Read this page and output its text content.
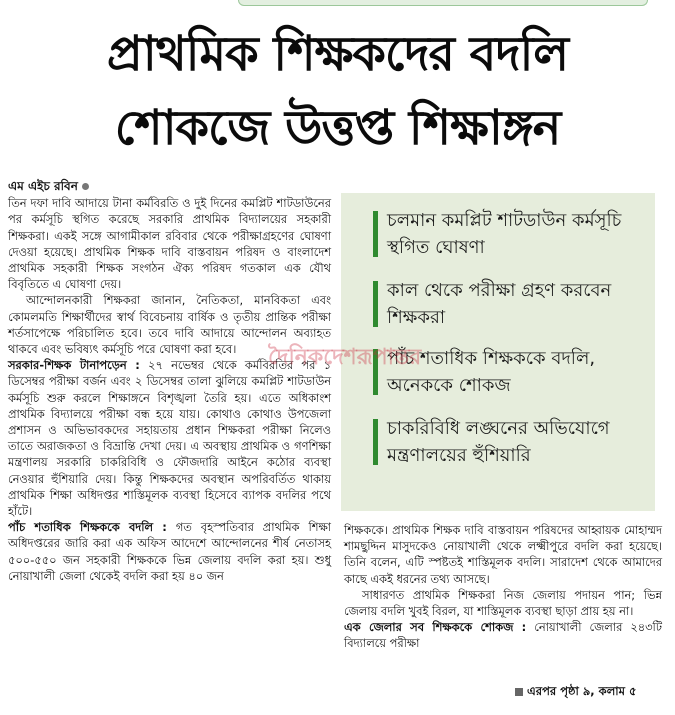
প্রাথমিক শিক্ষকদের বদলি
শোকজে উত্তপ্ত শিক্ষাঙ্গন
এম এইচ রবিন

তিন দফা দাবি আদায়ে টানা কর্মবিরতি ও দুই দিনের কমপ্লিট শাটডাউনের পর কর্মসূচি স্থগিত করেছে সরকারি প্রাথমিক বিদ্যালয়ের সহকারী শিক্ষকরা। একই সঙ্গে আগামীকাল রবিবার থেকে পরীক্ষাগ্রহণের ঘোষণা দেওয়া হয়েছে। প্রাথমিক শিক্ষক দাবি বাস্তবায়ন পরিষদ ও বাংলাদেশ প্রাথমিক সহকারী শিক্ষক সংগঠন ঐক্য পরিষদ গতকাল এক যৌথ বিবৃতিতে এ ঘোষণা দেয়।

আন্দোলনকারী শিক্ষকরা জানান, নৈতিকতা, মানবিকতা এবং কোমলমতি শিক্ষার্থীদের স্বার্থ বিবেচনায় বার্ষিক ও তৃতীয় প্রান্তিক পরীক্ষা শর্তসাপেক্ষে পরিচালিত হবে। তবে দাবি আদায়ে আন্দোলন অব্যাহত থাকবে এবং ভবিষ্যৎ কর্মসূচি পরে ঘোষণা করা হবে।

সরকার-শিক্ষক টানাপড়েন : ২৭ নভেম্বর থেকে কর্মবিরতির পর ১ ডিসেম্বর পরীক্ষা বর্জন এবং ২ ডিসেম্বর তালা ঝুলিয়ে কমপ্লিট শাটডাউন কর্মসূচি শুরু করলে শিক্ষাঙ্গনে বিশৃঙ্খলা তৈরি হয়। এতে অধিকাংশ প্রাথমিক বিদ্যালয়ে পরীক্ষা বন্ধ হয়ে যায়। কোথাও কোথাও উপজেলা প্রশাসন ও অভিভাবকদের সহায়তায় প্রধান শিক্ষকরা পরীক্ষা নিলেও তাতে অরাজকতা ও বিভ্রান্তি দেখা দেয়। এ অবস্থায় প্রাথমিক ও গণশিক্ষা মন্ত্রণালয় সরকারি চাকরিবিধি ও ফৌজদারি আইনে কঠোর ব্যবস্থা নেওয়ার হুঁশিয়ারি দেয়। কিন্তু শিক্ষকদের অবস্থান অপরিবর্তিত থাকায় প্রাথমিক শিক্ষা অধিদপ্তর শাস্তিমূলক ব্যবস্থা হিসেবে ব্যাপক বদলির পথে হাঁটে।

পাঁচ শতাধিক শিক্ষককে বদলি : গত বৃহস্পতিবার প্রাথমিক শিক্ষা অধিদপ্তরের জারি করা এক অফিস আদেশে আন্দোলনের শীর্ষ নেতাসহ ৫০০-৫৫০ জন সহকারী শিক্ষককে ভিন্ন জেলায় বদলি করা হয়। শুধু নোয়াখালী জেলা থেকেই বদলি করা হয় ৪০ জন

চলমান কমপ্লিট শাটডাউন কর্মসূচি স্থগিত ঘোষণা
কাল থেকে পরীক্ষা গ্রহণ করবেন শিক্ষকরা
পাঁচ শতাধিক শিক্ষককে বদলি, অনেককে শোকজ
চাকরিবিধি লঙ্ঘনের অভিযোগে মন্ত্রণালয়ের হুঁশিয়ারি
দৈনিকদেশরূপান্তর

শিক্ষককে। প্রাথমিক শিক্ষক দাবি বাস্তবায়ন পরিষদের আহ্বায়ক মোহাম্মদ শামছুদ্দিন মাসুদকেও নোয়াখালী থেকে লক্ষ্মীপুরে বদলি করা হয়েছে। তিনি বলেন, এটি স্পষ্টতই শাস্তিমূলক বদলি। সারাদেশ থেকে আমাদের কাছে একই ধরনের তথ্য আসছে।

সাধারণত প্রাথমিক শিক্ষকরা নিজ জেলায় পদায়ন পান; ভিন্ন জেলায় বদলি খুবই বিরল, যা শাস্তিমূলক ব্যবস্থা ছাড়া প্রায় হয় না।

এক জেলার সব শিক্ষককে শোকজ : নোয়াখালী জেলার ২৪৩টি বিদ্যালয়ে পরীক্ষা

এরপর পৃষ্ঠা ৯, কলাম ৫
